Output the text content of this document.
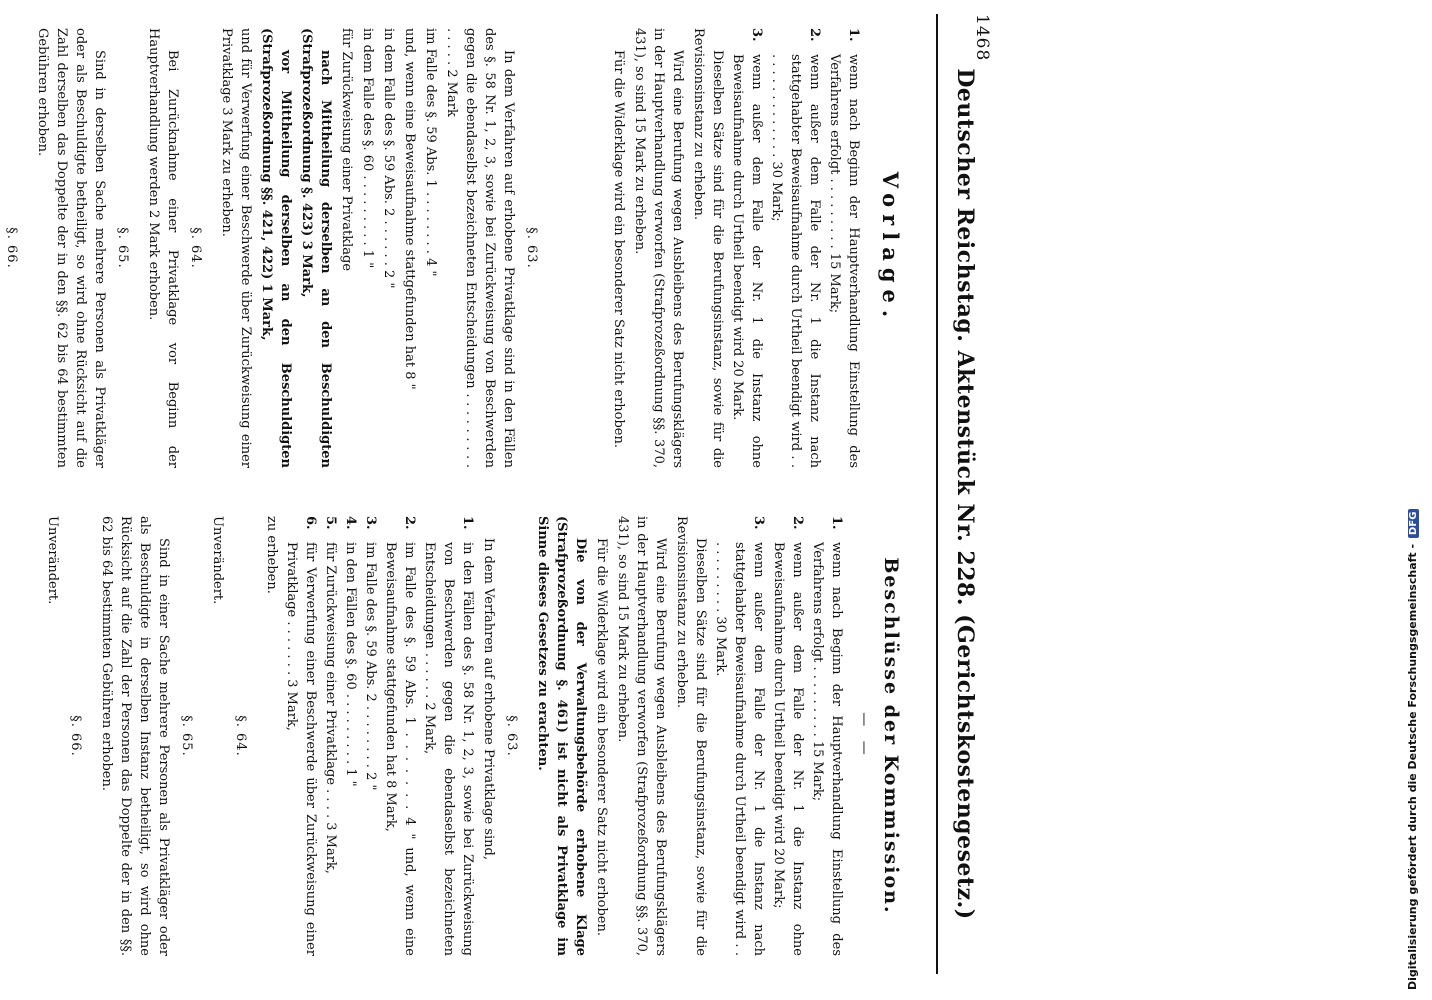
1468
Deutscher Reichstag. Aktenstück Nr. 228. (Gerichtskostengesetz.)
Vorlage.
1.
wenn nach Beginn der Hauptverhandlung Einstellung des Verfahrens erfolgt . . . . . . . . . 15 Mark;
2.
wenn außer dem Falle der Nr. 1 die Instanz nach stattgehabter Beweisaufnahme durch Urtheil beendigt wird . . . . . . . . . . . . . . . 30 Mark;
3.
wenn außer dem Falle der Nr. 1 die Instanz ohne Beweisaufnahme durch Urtheil beendigt wird 20 Mark.

Dieselben Sätze sind für die Berufungsinstanz, sowie für die Revisionsinstanz zu erheben.

Wird eine Berufung wegen Ausbleibens des Berufungsklägers in der Hauptverhandlung verworfen (Strafprozeßordnung §§. 370, 431), so sind 15 Mark zu erheben.

Für die Widerklage wird ein besonderer Satz nicht erhoben.

§. 63.

In dem Verfahren auf erhobene Privatklage sind in den Fällen des §. 58 Nr. 1, 2, 3, sowie bei Zurückweisung von Beschwerden gegen die ebendaselbst bezeichneten Entscheidungen . . . . . . . . . . . . . . 2 Mark

im Falle des §. 59 Abs. 1 . . . . . . . . 4 "

und, wenn eine Beweisaufnahme stattgefunden hat 8 "

in dem Falle des §. 59 Abs. 2 . . . . . . 2 "

in dem Falle des §. 60 . . . . . . . . . 1 "

für Zurückweisung einer Privatklage

nach Mittheilung derselben an den Beschuldigten (Strafprozeßordnung §. 423) 3 Mark,

vor Mittheilung derselben an den Beschuldigten (Strafprozeßordnung §§. 421, 422) 1 Mark,

und für Verwerfung einer Beschwerde über Zurückweisung einer Privatklage 3 Mark zu erheben.

§. 64.

Bei Zurücknahme einer Privatklage vor Beginn der Hauptverhandlung werden 2 Mark erhoben.

§. 65.

Sind in derselben Sache mehrere Personen als Privatkläger oder als Beschuldigte betheiligt, so wird ohne Rücksicht auf die Zahl derselben das Doppelte der in den §§. 62 bis 64 bestimmten Gebühren erhoben.

§. 66.

Beschlüsse der Kommission.
— —
1.
wenn nach Beginn der Hauptverhandlung Einstellung des Verfahrens erfolgt . . . . . . . . . 15 Mark;
2.
wenn außer dem Falle der Nr. 1 die Instanz ohne Beweisaufnahme durch Urtheil beendigt wird 20 Mark;
3.
wenn außer dem Falle der Nr. 1 die Instanz nach stattgehabter Beweisaufnahme durch Urtheil beendigt wird . . . . . . . . . . . 30 Mark.

Dieselben Sätze sind für die Berufungsinstanz, sowie für die Revisionsinstanz zu erheben.

Wird eine Berufung wegen Ausbleibens des Berufungsklägers in der Hauptverhandlung verworfen (Strafprozeßordnung §§. 370, 431), so sind 15 Mark zu erheben.

Für die Widerklage wird ein besonderer Satz nicht erhoben.

Die von der Verwaltungsbehörde erhobene Klage (Strafprozeßordnung §. 461) ist nicht als Privatklage im Sinne dieses Gesetzes zu erachten.

§. 63.

In dem Verfahren auf erhobene Privatklage sind,

1.
in den Fällen des §. 58 Nr. 1, 2, 3, sowie bei Zurückweisung von Beschwerden gegen die ebendaselbst bezeichneten Entscheidungen . . . . . . 2 Mark,
2.
im Falle des §. 59 Abs. 1 . . . . . . . 4 " und, wenn eine Beweisaufnahme stattgefunden hat 8 Mark,
3.
im Falle des §. 59 Abs. 2 . . . . . . . . 2 "
4.
in den Fällen des §. 60 . . . . . . . . . 1 "
5.
für Zurückweisung einer Privatklage . . . . 3 Mark,
6.
für Verwerfung einer Beschwerde über Zurückweisung einer Privatklage . . . . . . . 3 Mark,

zu erheben.

§. 64.

Unverändert.

§. 65.

Sind in einer Sache mehrere Personen als Privatkläger oder als Beschuldigte in derselben Instanz betheiligt, so wird ohne Rücksicht auf die Zahl der Personen das Doppelte der in den §§. 62 bis 64 bestimmten Gebühren erhoben.

§. 66.

Unverändert.	Digitalisierung gefördert durch die Deutsche Forschungsgemeinschaft -DFG
